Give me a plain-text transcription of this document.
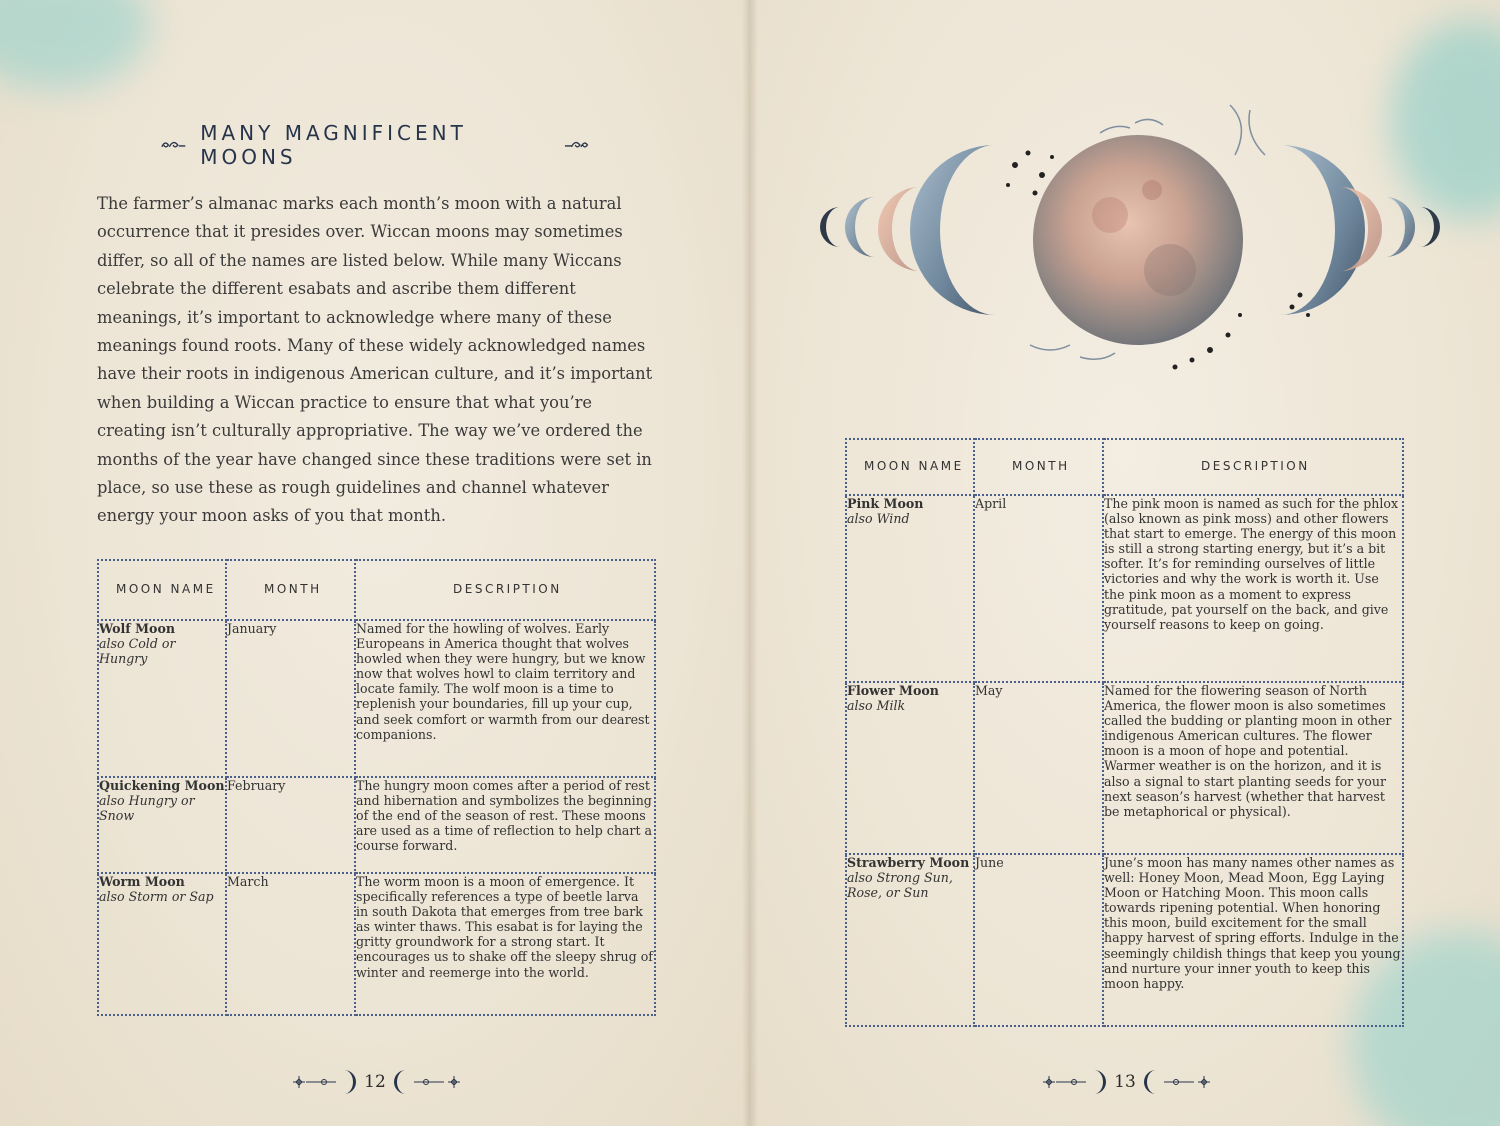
MANY MAGNIFICENT MOONS

The farmer’s almanac marks each month’s moon with a natural occurrence that it presides over. Wiccan moons may sometimes differ, so all of the names are listed below. While many Wiccans celebrate the different esabats and ascribe them different meanings, it’s important to acknowledge where many of these meanings found roots. Many of these widely acknowledged names have their roots in indigenous American culture, and it’s important when building a Wiccan practice to ensure that what you’re creating isn’t culturally appropriative. The way we’ve ordered the months of the year have changed since these traditions were set in place, so use these as rough guidelines and channel whatever energy your moon asks of you that month.

MOON NAME	MONTH	DESCRIPTION

Wolf Moon
also Cold or Hungry	January	Named for the howling of wolves. Early Europeans in America thought that wolves howled when they were hungry, but we know now that wolves howl to claim territory and locate family. The wolf moon is a time to replenish your boundaries, fill up your cup, and seek comfort or warmth from our dearest companions.

Quickening Moon
also Hungry or Snow	February	The hungry moon comes after a period of rest and hibernation and symbolizes the beginning of the end of the season of rest. These moons are used as a time of reflection to help chart a course forward.

Worm Moon
also Storm or Sap	March	The worm moon is a moon of emergence. It specifically references a type of beetle larva in south Dakota that emerges from tree bark as winter thaws. This esabat is for laying the gritty groundwork for a strong start. It encourages us to shake off the sleepy shrug of winter and reemerge into the world.
12
MOON NAME	MONTH	DESCRIPTION

Pink Moon
also Wind	April	The pink moon is named as such for the phlox (also known as pink moss) and other flowers that start to emerge. The energy of this moon is still a strong starting energy, but it’s a bit softer. It’s for reminding ourselves of little victories and why the work is worth it. Use the pink moon as a moment to express gratitude, pat yourself on the back, and give yourself reasons to keep on going.

Flower Moon
also Milk	May	Named for the flowering season of North America, the flower moon is also sometimes called the budding or planting moon in other indigenous American cultures. The flower moon is a moon of hope and potential. Warmer weather is on the horizon, and it is also a signal to start planting seeds for your next season’s harvest (whether that harvest be metaphorical or physical).

Strawberry Moon
also Strong Sun, Rose, or Sun	June	June’s moon has many names other names as well: Honey Moon, Mead Moon, Egg Laying Moon or Hatching Moon. This moon calls towards ripening potential. When honoring this moon, build excitement for the small happy harvest of spring efforts. Indulge in the seemingly childish things that keep you young and nurture your inner youth to keep this moon happy.
13
